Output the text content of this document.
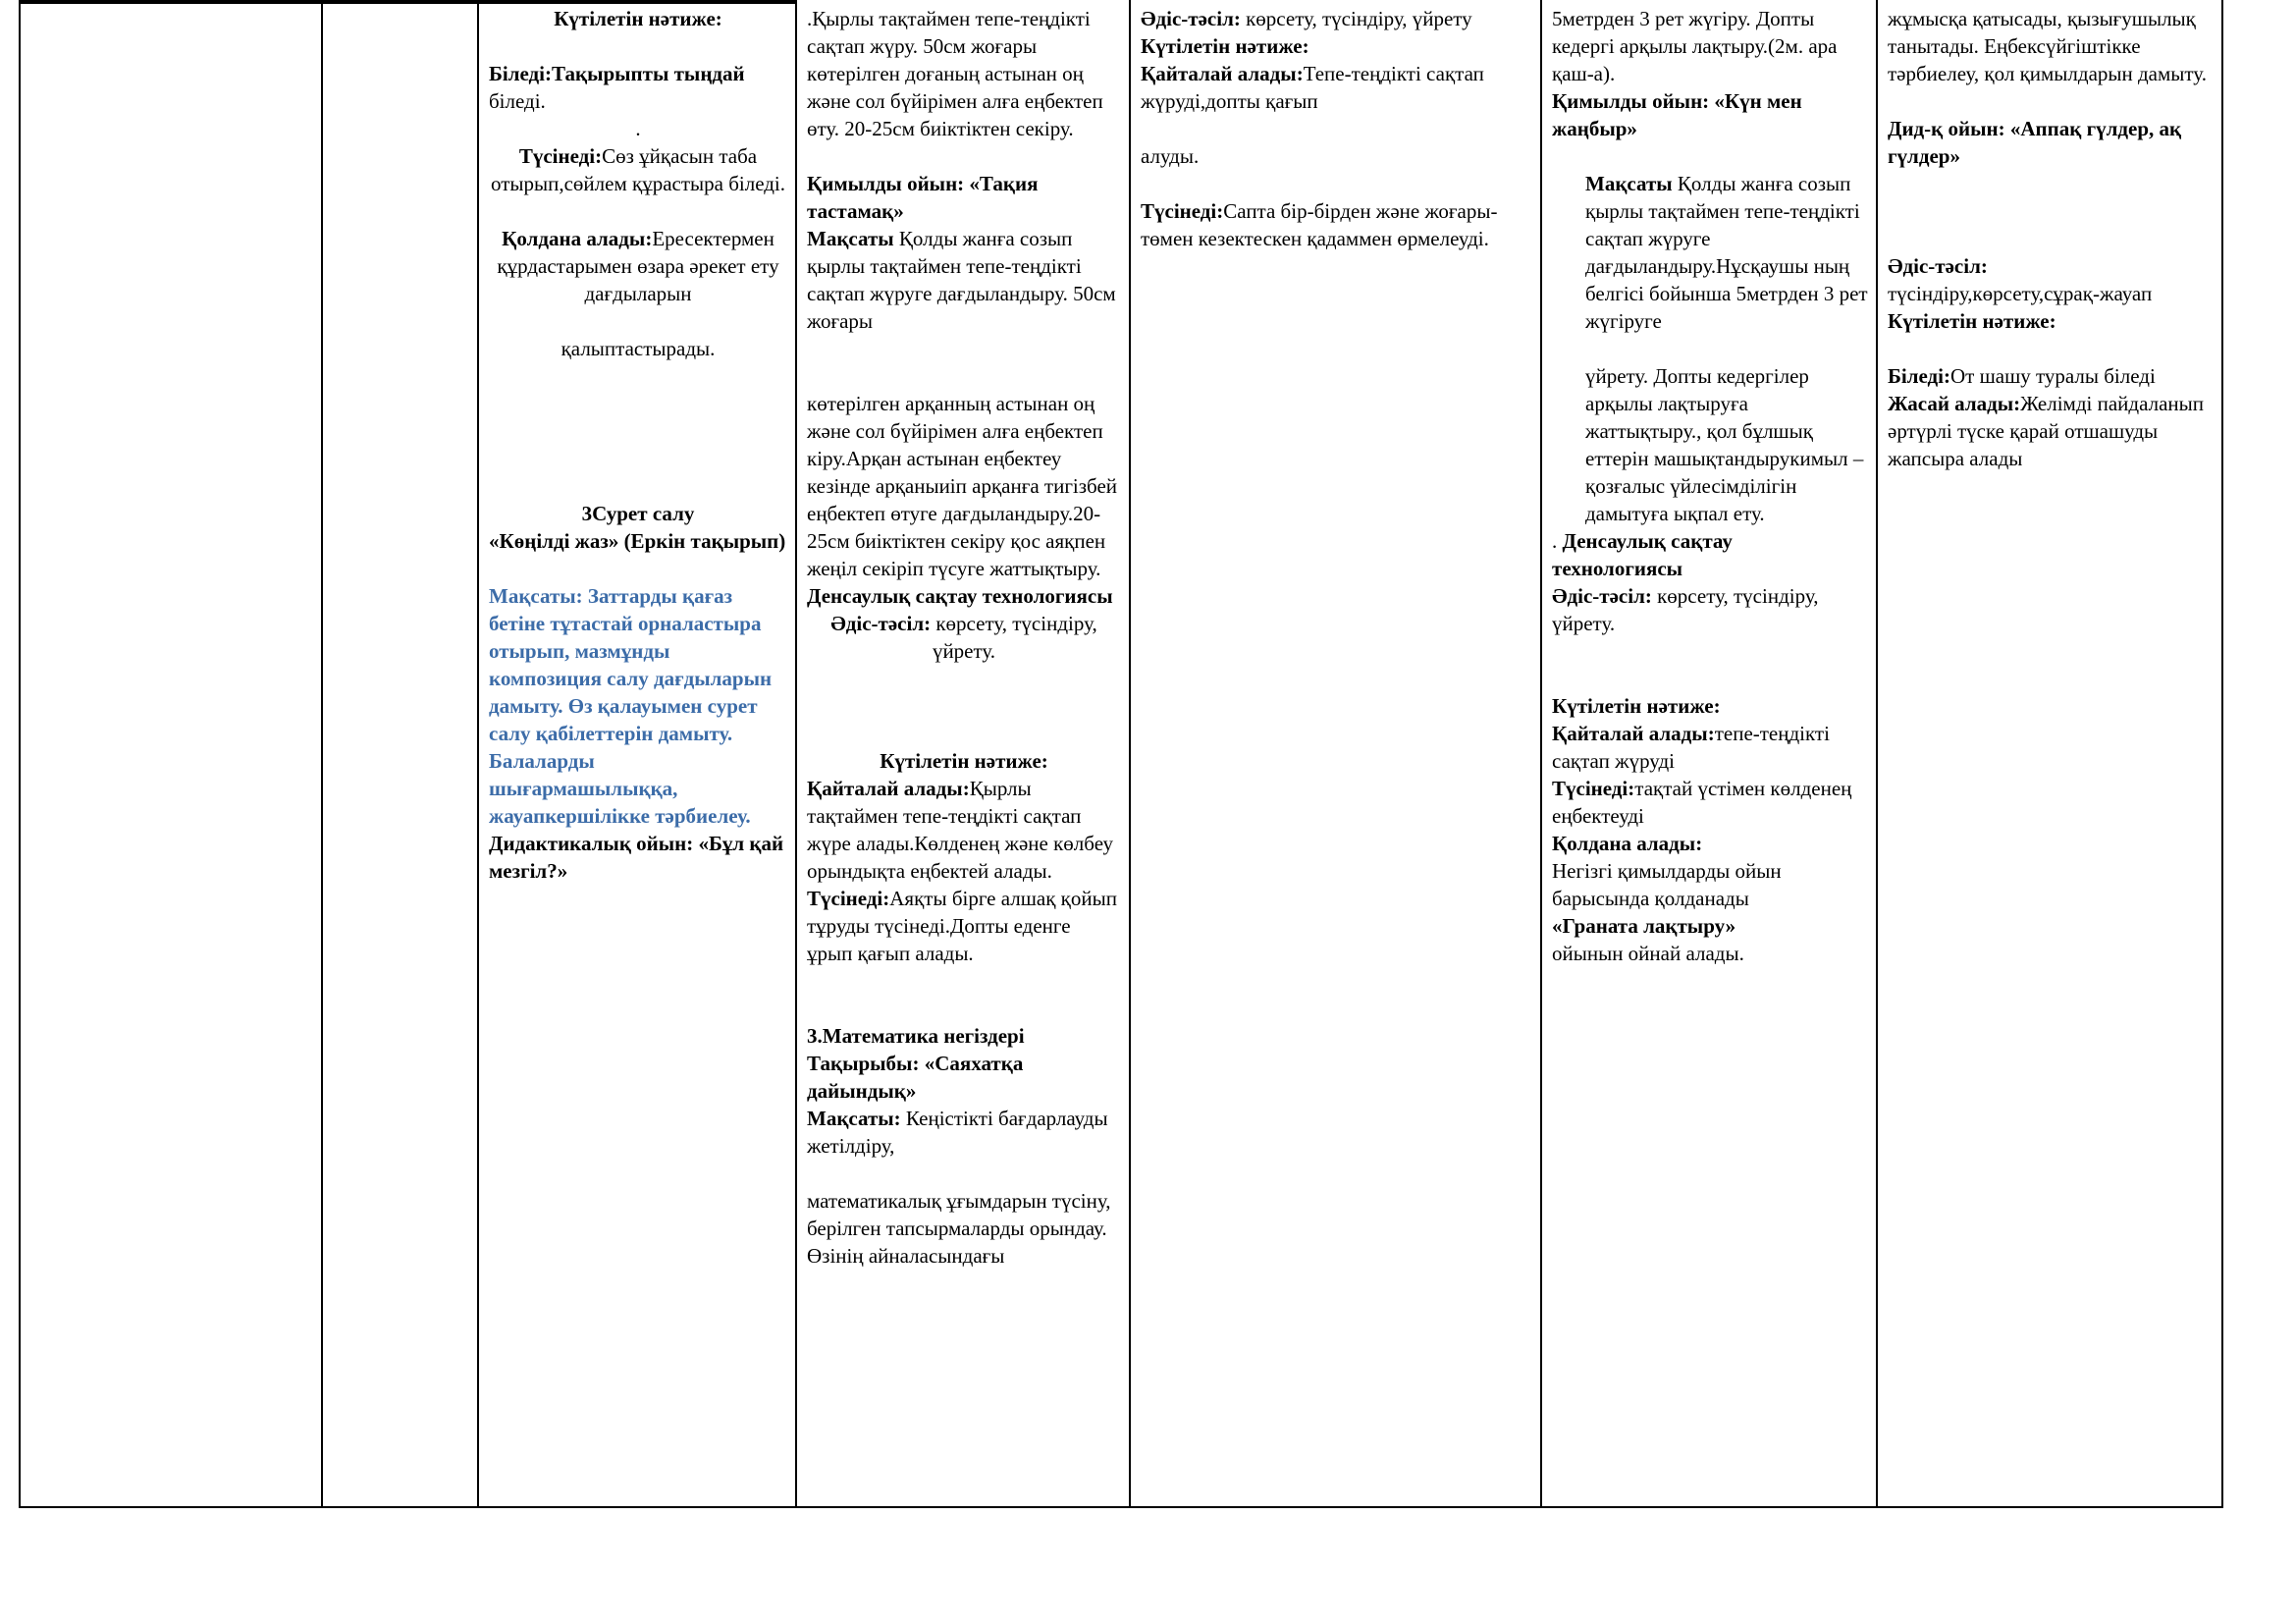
Күтілетін нәтиже:

Біледі:Тақырыпты тыңдай біледі.
.
Түсінеді:Сөз ұйқасын таба отырып,сөйлем құрастыра біледі.

Қолдана алады:Ересектермен құрдастарымен өзара әрекет ету дағдыларын

қалыптастырады.

3Сурет салу
«Көңілді жаз» (Еркін тақырып)

Мақсаты: Заттарды қағаз бетіне тұтастай орналастыра отырып, мазмұнды композиция салу дағдыларын дамыту. Өз қалауымен сурет
салу қабілеттерін дамыту. Балаларды шығармашылыққа, жауапкершілікке тәрбиелеу.
Дидактикалық ойын: «Бұл қай мезгіл?»
.Қырлы тақтаймен тепе-теңдікті сақтап жүру. 50см жоғары көтерілген доғаның астынан оң және сол бүйірімен алға еңбектеп өту. 20-25см биіктіктен секіру.

Қимылды ойын: «Тақия тастамақ»
Мақсаты Қолды жанға созып қырлы тақтаймен тепе-теңдікті сақтап жүруге дағдыландыру. 50см жоғары

көтерілген арқанның астынан оң және сол бүйірімен алға еңбектеп кіру.Арқан астынан еңбектеу кезінде арқаныиіп арқанға тигізбей еңбектеп өтуге дағдыландыру.20-25см биіктіктен секіру қос аяқпен жеңіл секіріп түсуге жаттықтыру.
Денсаулық сақтау технологиясы
Әдіс-тәсіл: көрсету, түсіндіру, үйрету.

Күтілетін нәтиже:
Қайталай алады:Қырлы тақтаймен тепе-теңдікті сақтап жүре алады.Көлденең және көлбеу орындықта еңбектей алады.
Түсінеді:Аяқты бірге алшақ қойып тұруды түсінеді.Допты еденге ұрып қағып алады.

3.Математика негіздері
Тақырыбы: «Саяхатқа дайындық»
Мақсаты: Кеңістікті бағдарлауды жетілдіру,

математикалық ұғымдарын түсіну, берілген тапсырмаларды орындау. Өзінің айналасындағы
Әдіс-тәсіл: көрсету, түсіндіру, үйрету
Күтілетін нәтиже:
Қайталай алады:Тепе-теңдікті сақтап жүруді,допты қағып

алуды.

Түсінеді:Сапта бір-бірден және жоғары-төмен кезектескен қадаммен өрмелеуді.
5метрден 3 рет жүгіру. Допты кедергі арқылы лақтыру.(2м. ара қаш-а).
Қимылды ойын: «Күн мен жаңбыр»

Мақсаты Қолды жанға созып қырлы тақтаймен тепе-теңдікті сақтап жүруге дағдыландыру.Нұсқаушы ның белгісі бойынша 5метрден 3 рет жүгіруге

үйрету. Допты кедергілер арқылы лақтыруға жаттықтыру., қол бұлшық еттерін машықтандырукимыл – қозғалыс үйлесімділігін дамытуға ықпал ету.
. Денсаулық сақтау технологиясы
Әдіс-тәсіл: көрсету, түсіндіру, үйрету.

Күтілетін нәтиже:
Қайталай алады:тепе-теңдікті сақтап жүруді
Түсінеді:тақтай үстімен көлденең еңбектеуді
Қолдана алады:
Негізгі қимылдарды ойын барысында қолданады
«Граната лақтыру»
ойынын ойнай алады.
жұмысқа қатысады, қызығушылық танытады. Еңбексүйгіштікке тәрбиелеу, қол қимылдарын дамыту.

Дид-қ ойын: «Аппақ гүлдер, ақ гүлдер»

Әдіс-тәсіл:
түсіндіру,көрсету,сұрақ-жауап
Күтілетін нәтиже:

Біледі:От шашу туралы біледі
Жасай алады:Желімді пайдаланып әртүрлі түске қарай отшашуды жапсыра алады
